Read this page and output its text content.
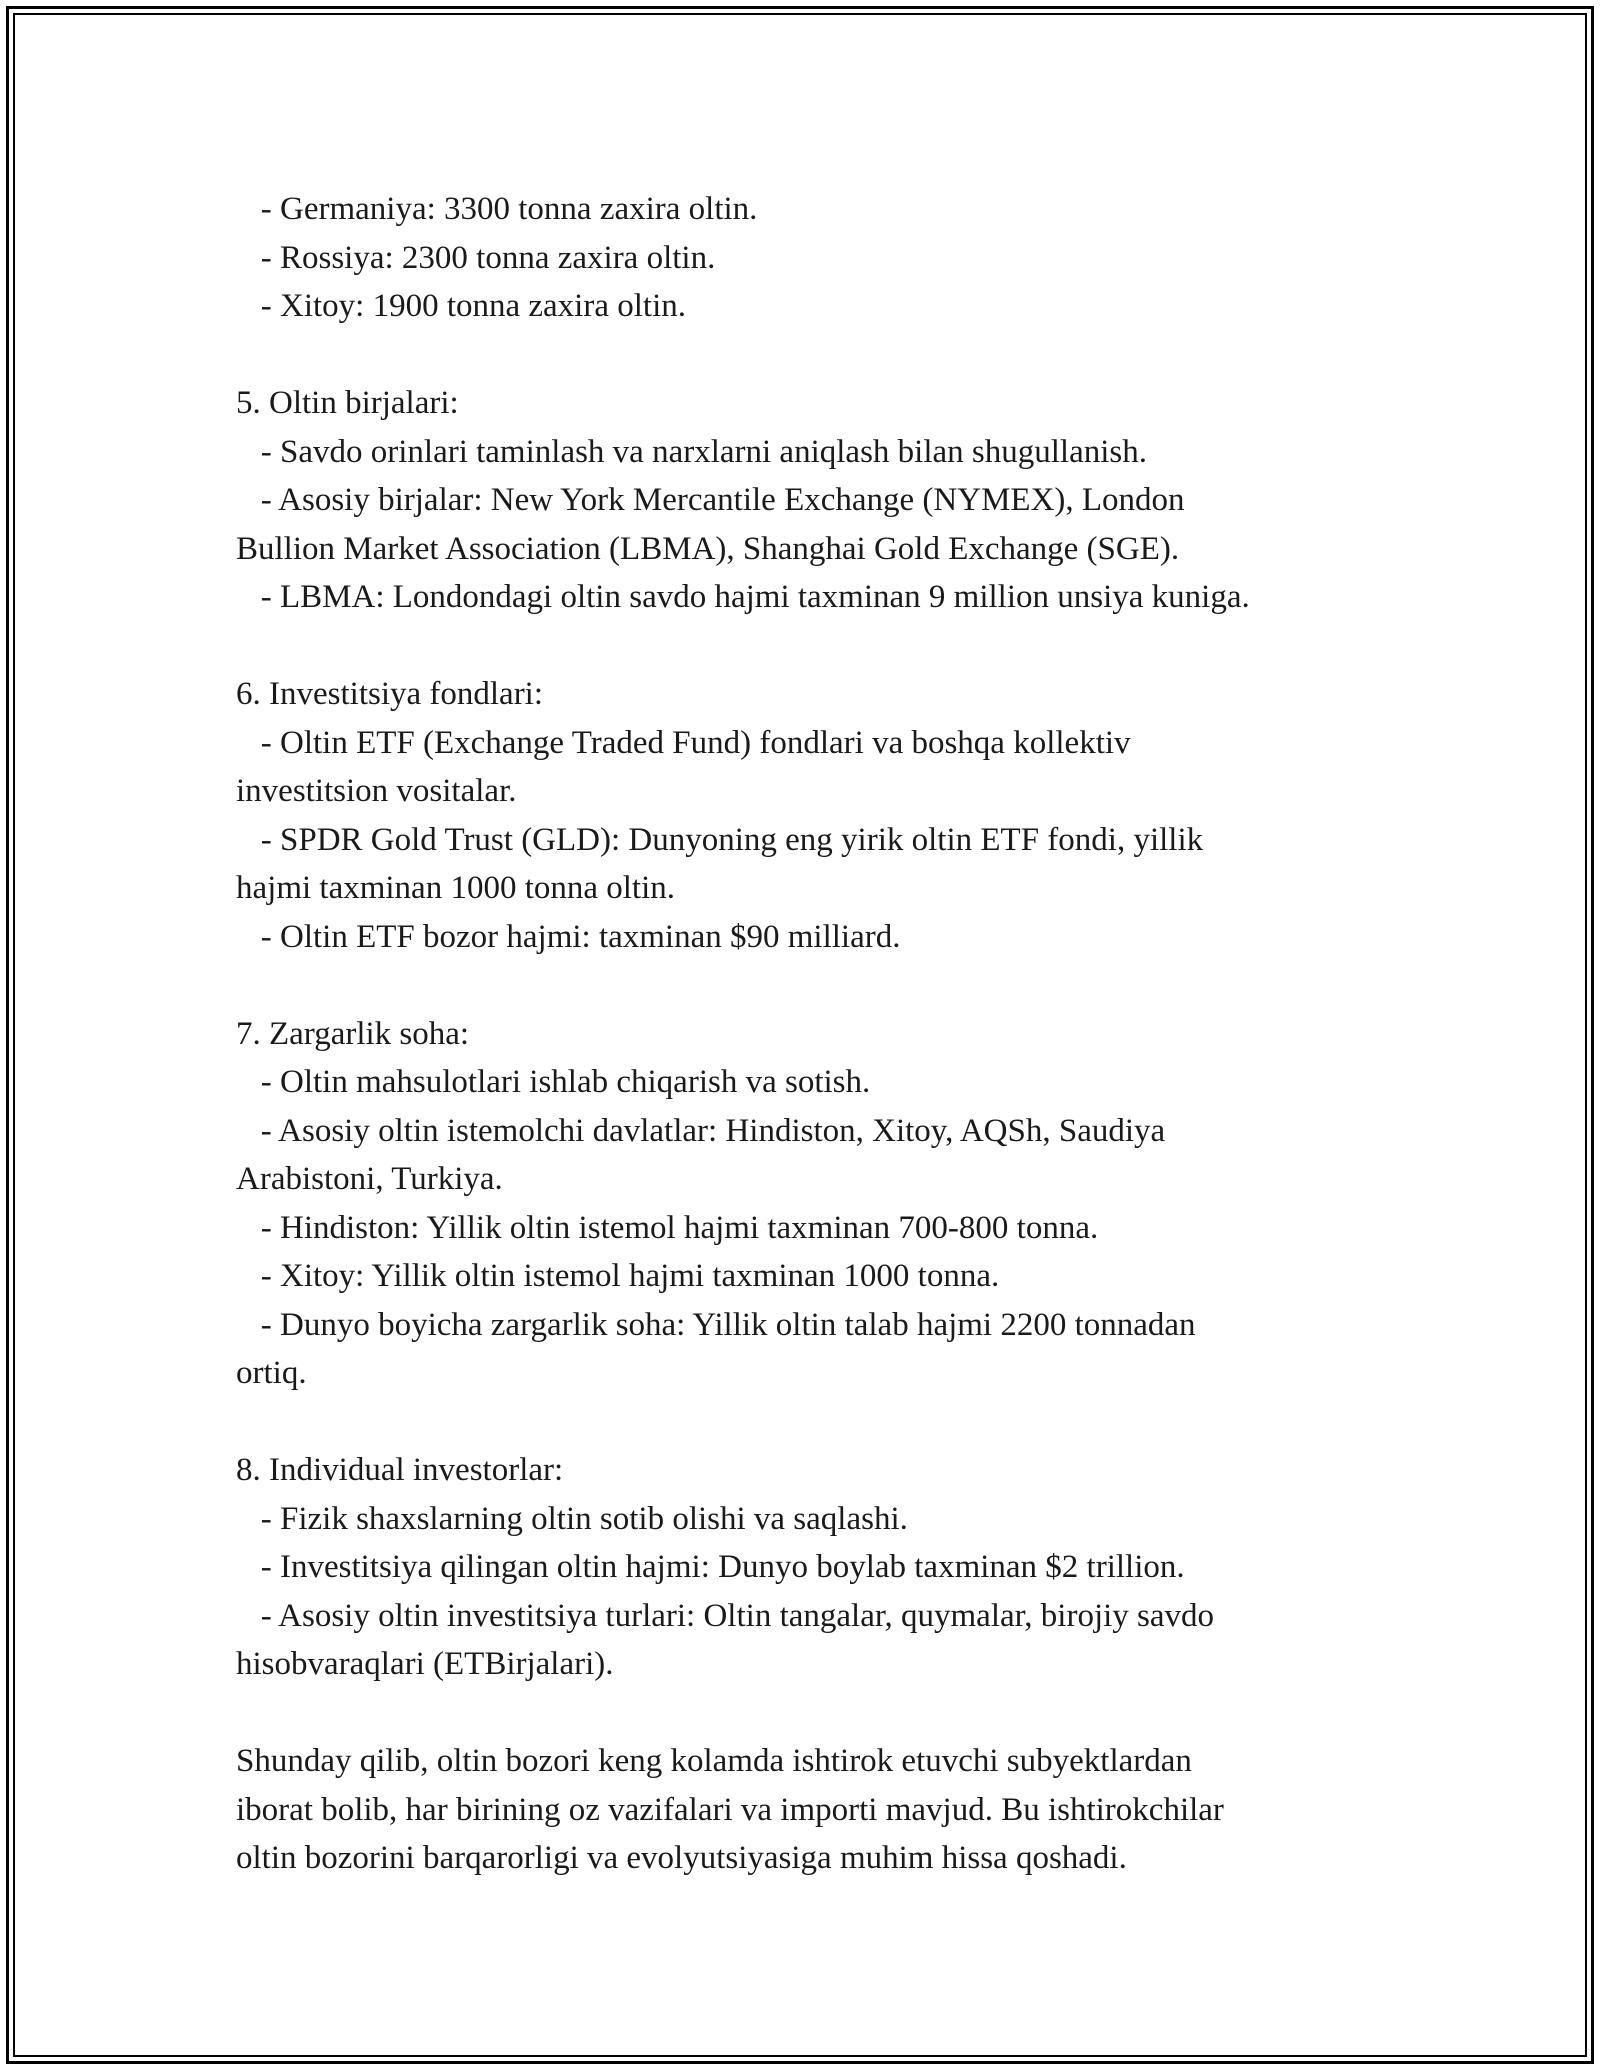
- Germaniya: 3300 tonna zaxira oltin.
- Rossiya: 2300 tonna zaxira oltin.
- Xitoy: 1900 tonna zaxira oltin.
5. Oltin birjalari:
- Savdo orinlari taminlash va narxlarni aniqlash bilan shugullanish.
- Asosiy birjalar: New York Mercantile Exchange (NYMEX), London
Bullion Market Association (LBMA), Shanghai Gold Exchange (SGE).
- LBMA: Londondagi oltin savdo hajmi taxminan 9 million unsiya kuniga.
6. Investitsiya fondlari:
- Oltin ETF (Exchange Traded Fund) fondlari va boshqa kollektiv
investitsion vositalar.
- SPDR Gold Trust (GLD): Dunyoning eng yirik oltin ETF fondi, yillik
hajmi taxminan 1000 tonna oltin.
- Oltin ETF bozor hajmi: taxminan $90 milliard.
7. Zargarlik soha:
- Oltin mahsulotlari ishlab chiqarish va sotish.
- Asosiy oltin istemolchi davlatlar: Hindiston, Xitoy, AQSh, Saudiya
Arabistoni, Turkiya.
- Hindiston: Yillik oltin istemol hajmi taxminan 700-800 tonna.
- Xitoy: Yillik oltin istemol hajmi taxminan 1000 tonna.
- Dunyo boyicha zargarlik soha: Yillik oltin talab hajmi 2200 tonnadan
ortiq.
8. Individual investorlar:
- Fizik shaxslarning oltin sotib olishi va saqlashi.
- Investitsiya qilingan oltin hajmi: Dunyo boylab taxminan $2 trillion.
- Asosiy oltin investitsiya turlari: Oltin tangalar, quymalar, birojiy savdo
hisobvaraqlari (ETBirjalari).
Shunday qilib, oltin bozori keng kolamda ishtirok etuvchi subyektlardan
iborat bolib, har birining oz vazifalari va importi mavjud. Bu ishtirokchilar
oltin bozorini barqarorligi va evolyutsiyasiga muhim hissa qoshadi.
